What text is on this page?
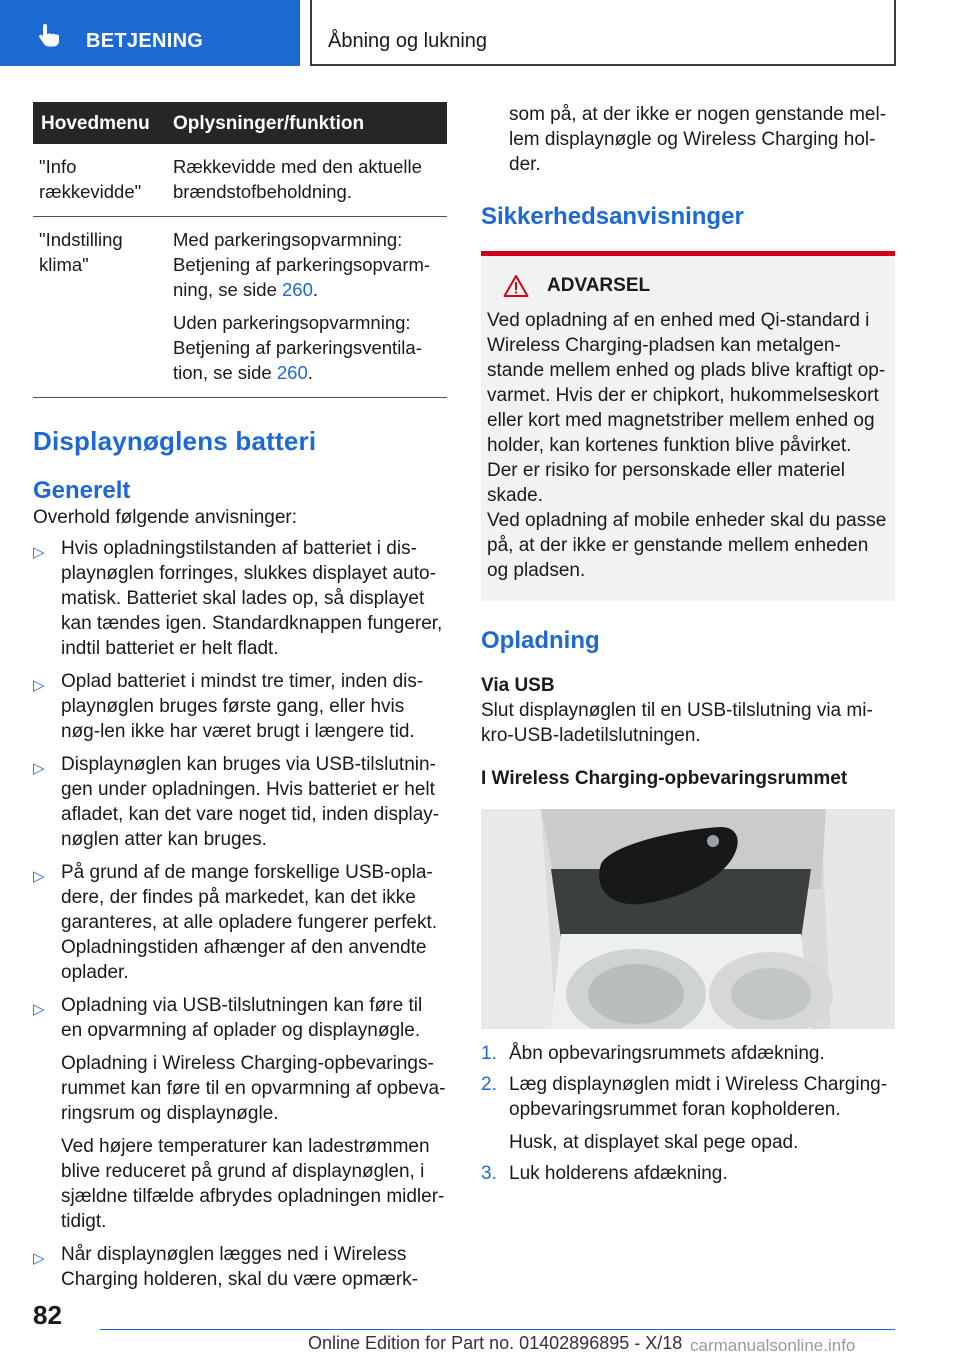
BETJENING	Åbning og lukning
Hovedmenu	Oplysninger/funktion
"Info rækkevidde"	Rækkevidde med den aktuelle brændstofbeholdning.

"Indstilling klima"	Med parkeringsopvarmning: Betjening af parkeringsopvarm-ning, se side 260.

Uden parkeringsopvarmning: Betjening af parkeringsventila-tion, se side 260.

Displaynøglens batteri
Generelt

Overhold følgende anvisninger:

▷ Hvis opladningstilstanden af batteriet i dis-playnøglen forringes, slukkes displayet auto-matisk. Batteriet skal lades op, så displayet kan tændes igen. Standardknappen fungerer, indtil batteriet er helt fladt.

▷ Oplad batteriet i mindst tre timer, inden dis-playnøglen bruges første gang, eller hvis nøg-len ikke har været brugt i længere tid.

▷ Displaynøglen kan bruges via USB-tilslutnin-gen under opladningen. Hvis batteriet er helt afladet, kan det vare noget tid, inden display-nøglen atter kan bruges.

▷ På grund af de mange forskellige USB-opla-dere, der findes på markedet, kan det ikke garanteres, at alle opladere fungerer perfekt. Opladningstiden afhænger af den anvendte oplader.

▷ Opladning via USB-tilslutningen kan føre til en opvarmning af oplader og displaynøgle.

Opladning i Wireless Charging-opbevarings-rummet kan føre til en opvarmning af opbeva-ringsrum og displaynøgle.

Ved højere temperaturer kan ladestrømmen blive reduceret på grund af displaynøglen, i sjældne tilfælde afbrydes opladningen midler-tidigt.

▷ Når displaynøglen lægges ned i Wireless Charging holderen, skal du være opmærk-

som på, at der ikke er nogen genstande mel-lem displaynøgle og Wireless Charging hol-der.

Sikkerhedsanvisninger
ADVARSEL

Ved opladning af en enhed med Qi-standard i Wireless Charging-pladsen kan metalgen-stande mellem enhed og plads blive kraftigt op-varmet. Hvis der er chipkort, hukommelseskort eller kort med magnetstriber mellem enhed og holder, kan kortenes funktion blive påvirket. Der er risiko for personskade eller materiel skade.

Ved opladning af mobile enheder skal du passe på, at der ikke er genstande mellem enheden og pladsen.

Opladning
Via USB

Slut displaynøglen til en USB-tilslutning via mi-kro-USB-ladetilslutningen.

I Wireless Charging-opbevaringsrummet
1. Åbn opbevaringsrummets afdækning.

2. Læg displaynøglen midt i Wireless Charging-opbevaringsrummet foran kopholderen.

Husk, at displayet skal pege opad.

3. Luk holderens afdækning.

82
Online Edition for Part no. 01402896895 - X/18 carmanualsonline.info
